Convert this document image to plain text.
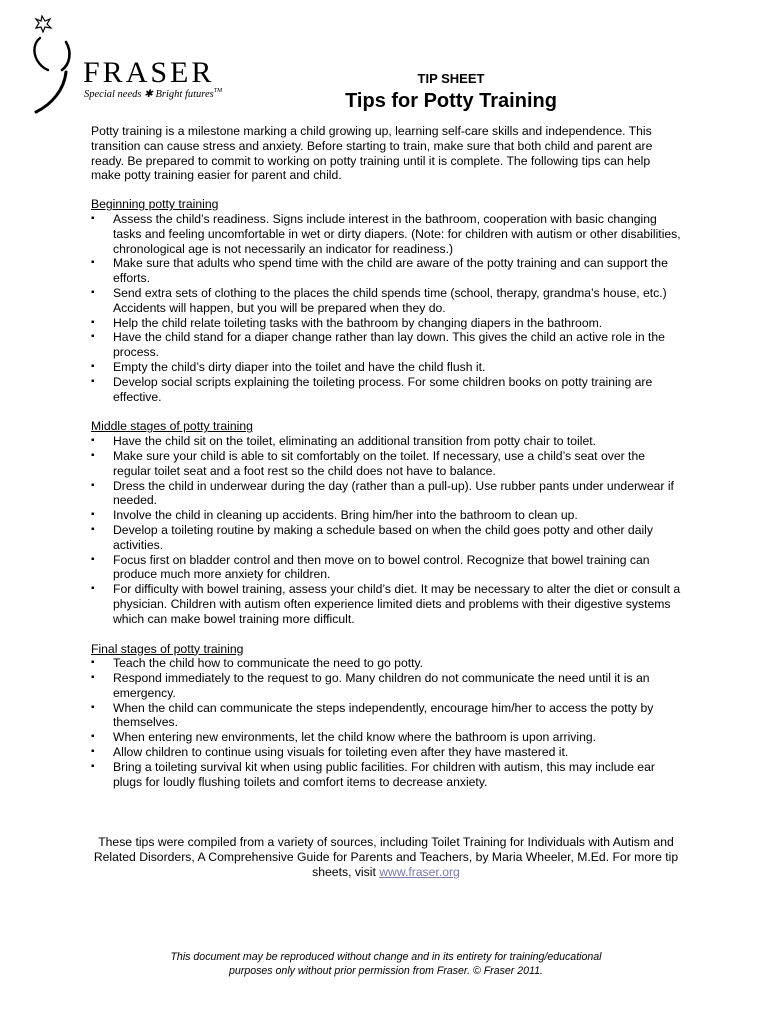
FRASER
Special needs ✱ Bright futures™
TIP SHEET
Tips for Potty Training

Potty training is a milestone marking a child growing up, learning self-care skills and independence. This transition can cause stress and anxiety. Before starting to train, make sure that both child and parent are ready. Be prepared to commit to working on potty training until it is complete. The following tips can help make potty training easier for parent and child.

Beginning potty training
▪ Assess the child’s readiness. Signs include interest in the bathroom, cooperation with basic changing tasks and feeling uncomfortable in wet or dirty diapers. (Note: for children with autism or other disabilities, chronological age is not necessarily an indicator for readiness.)
▪ Make sure that adults who spend time with the child are aware of the potty training and can support the efforts.
▪ Send extra sets of clothing to the places the child spends time (school, therapy, grandma’s house, etc.) Accidents will happen, but you will be prepared when they do.
▪ Help the child relate toileting tasks with the bathroom by changing diapers in the bathroom.
▪ Have the child stand for a diaper change rather than lay down. This gives the child an active role in the process.
▪ Empty the child’s dirty diaper into the toilet and have the child flush it.
▪ Develop social scripts explaining the toileting process. For some children books on potty training are effective.
Middle stages of potty training
▪ Have the child sit on the toilet, eliminating an additional transition from potty chair to toilet.
▪ Make sure your child is able to sit comfortably on the toilet. If necessary, use a child’s seat over the regular toilet seat and a foot rest so the child does not have to balance.
▪ Dress the child in underwear during the day (rather than a pull-up). Use rubber pants under underwear if needed.
▪ Involve the child in cleaning up accidents. Bring him/her into the bathroom to clean up.
▪ Develop a toileting routine by making a schedule based on when the child goes potty and other daily activities.
▪ Focus first on bladder control and then move on to bowel control. Recognize that bowel training can produce much more anxiety for children.
▪ For difficulty with bowel training, assess your child’s diet. It may be necessary to alter the diet or consult a physician. Children with autism often experience limited diets and problems with their digestive systems which can make bowel training more difficult.
Final stages of potty training
▪ Teach the child how to communicate the need to go potty.
▪ Respond immediately to the request to go. Many children do not communicate the need until it is an emergency.
▪ When the child can communicate the steps independently, encourage him/her to access the potty by themselves.
▪ When entering new environments, let the child know where the bathroom is upon arriving.
▪ Allow children to continue using visuals for toileting even after they have mastered it.
▪ Bring a toileting survival kit when using public facilities. For children with autism, this may include ear plugs for loudly flushing toilets and comfort items to decrease anxiety.

These tips were compiled from a variety of sources, including Toilet Training for Individuals with Autism and Related Disorders, A Comprehensive Guide for Parents and Teachers, by Maria Wheeler, M.Ed. For more tip sheets, visit www.fraser.org

This document may be reproduced without change and in its entirety for training/educational purposes only without prior permission from Fraser. © Fraser 2011.
